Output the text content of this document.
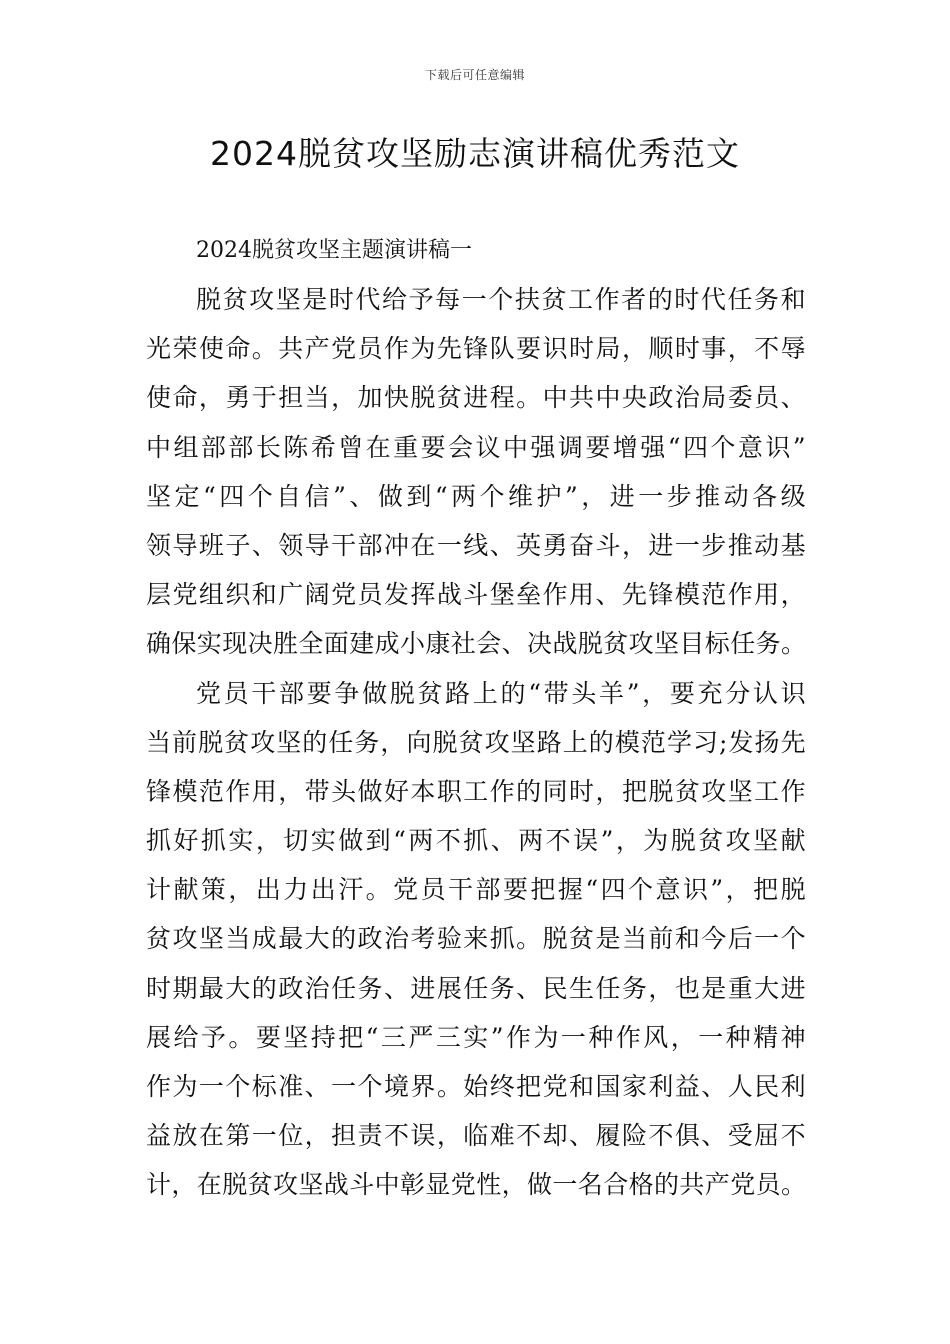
下载后可任意编辑
2024脱贫攻坚励志演讲稿优秀范文

2024脱贫攻坚主题演讲稿一

脱贫攻坚是时代给予每一个扶贫工作者的时代任务和
光荣使命。共产党员作为先锋队要识时局，顺时事，不辱
使命，勇于担当，加快脱贫进程。中共中央政治局委员、
中组部部长陈希曾在重要会议中强调要增强“四个意识”
坚定“四个自信”、做到“两个维护”，进一步推动各级
领导班子、领导干部冲在一线、英勇奋斗，进一步推动基
层党组织和广阔党员发挥战斗堡垒作用、先锋模范作用，
确保实现决胜全面建成小康社会、决战脱贫攻坚目标任务。
党员干部要争做脱贫路上的“带头羊”，要充分认识
当前脱贫攻坚的任务，向脱贫攻坚路上的模范学习;发扬先
锋模范作用，带头做好本职工作的同时，把脱贫攻坚工作
抓好抓实，切实做到“两不抓、两不误”，为脱贫攻坚献
计献策，出力出汗。党员干部要把握“四个意识”，把脱
贫攻坚当成最大的政治考验来抓。脱贫是当前和今后一个
时期最大的政治任务、进展任务、民生任务，也是重大进
展给予。要坚持把“三严三实”作为一种作风，一种精神
作为一个标准、一个境界。始终把党和国家利益、人民利
益放在第一位，担责不误，临难不却、履险不俱、受屈不
计，在脱贫攻坚战斗中彰显党性，做一名合格的共产党员。
